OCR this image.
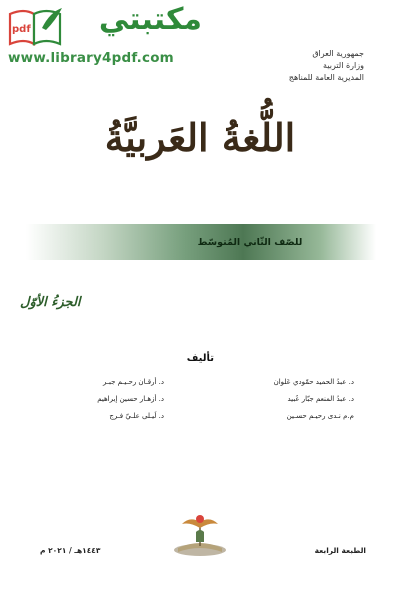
pdf	مكتبتي
www.library4pdf.com	جمهورية العراق
وزارة التربية
المديرية العامة للمناهج
اللُّغةُ العَربيَّةُ
للصّف الثّاني المُتوسّط
الجزءُ الأوّل
تأليف
د. عبدُ الحميد حمّودي عَلوان
د. عبدُ المنعم جبّار عُبيد
م.م نـدى رحيـم حسـين
د. أرقـان رحـيـم جبـر
د. أزهـار حسين إبراهيم
د. لَيـلى علـيّ فـرج
الطبعة الرابعة
١٤٤٣هـ / ٢٠٢١ م
